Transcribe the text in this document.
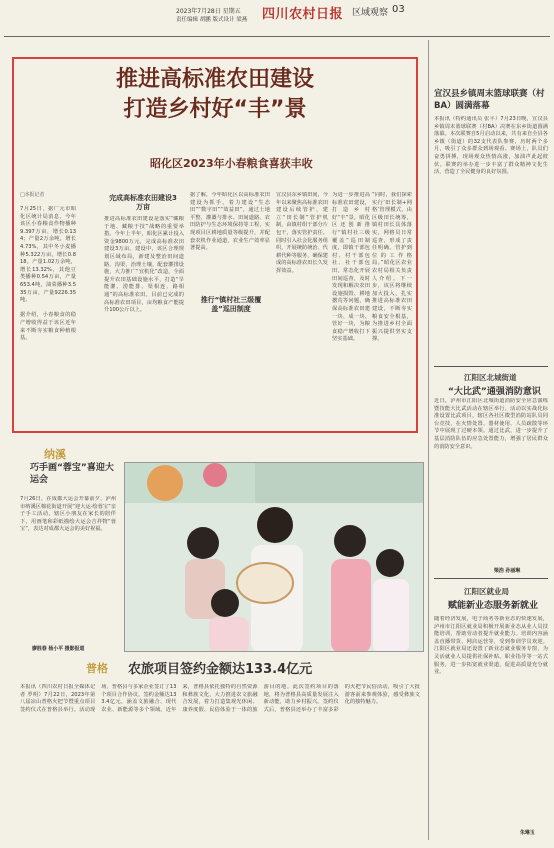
2023年7月28日 星期五
责任编辑 胡鹏 版式设计 梁燕 四川农村日报 区域观察 03
推进高标准农田建设
打造乡村好“丰”景
昭化区2023年小春粮食喜获丰收
□本报记者
7月25日，据广元市昭化区统计局消息，今年该区小春粮食作物播种9.397万亩，增长0.134；产量2万余吨，增长4.73%，其中冬小麦播种5.322万亩，增长0.818。产量1.02万余吨，增长13.32%，其他豆类播种0.54万亩，产量653.4吨，油菜播种3.535万亩，产量9226.35吨。

据介绍，小春粮食的稳产增收得益于该区近年来不断夯实粮食种植根基。
完成高标准农田建设3万亩
推进高标准农田建设是落实“藏粮于地、藏粮于技”战略的重要举措。今年上半年，昭化区累计投入资金9800万元，完成高标准农田建设3万亩。建设中，该区合理规划区域布局，新建及整治田间道路、沟渠，治理土壤，配套灌排设施，大力推广“宜机化”改造，全面提升农田基础设施水平，打造“旱能灌、涝能排、渠相连、路相通”的高标准农田。目前已完成的高标准农田项目，亩均粮食产能提升100公斤以上。
据了解，今年昭化区以高标准农田建设为抓手，着力建设“生态田”“数字田”“效益田”，通过土地平整、灌溉与排水、田间道路、农田防护与生态环境保持等工程，实现项目区耕地质量等级提升，并配套农机作业通道，农业生产效率显著提高。
推行“镇村社三级覆盖”巡田制度
宣汉县东乡镇田间，今年以来聚焦高标准农田建设后续管护，建立“田长制”管护机制，由镇村组干部分片包干，落实管护责任。同时引入社会化服务组织，开展统防统治、代耕代种等服务，确保建成的高标准农田长久发挥效益。
为进一步推进高标准农田建设，打造乡村好“丰”景，昭化区还创新推行“镇村社三级覆盖”巡田制度，即镇干部包村、村干部包社、社干部包田，常态化开展田间巡查，及时发现和解决农田设施损毁、耕地撂荒等问题，确保高标准农田建一块、成一块、管好一块，为粮食稳产增收打下坚实基础。
“同时，我们探索实行‘田长制+网格’管理模式，由区级田长统筹，镇村田长具体落实，网格员日常巡查，形成了责任明确、管护到位的工作格局。”昭化区农业农村局相关负责人介绍。下一步，该区将继续加大投入，扎实推进高标准农田建设，不断夯实粮食安全根基，为推进乡村全面振兴提供坚实支撑。
宣汉县乡镇周末篮球联赛（村BA）圆满落幕
本报讯（特约通讯员 张平）7月23日晚，宣汉县乡镇周末篮球联赛（村BA）决赛在东乡街道圆满落幕。本次联赛自5月启动以来，共有来自全县各乡镇（街道）的32支代表队参赛，历时两个多月，吸引了众多群众到场观看。赛场上，队员们奋勇拼搏，现场观众热情高涨，加油声此起彼伏。联赛的举办进一步丰富了群众精神文化生活，营造了全民健身的良好氛围。
江阳区北城街道
“大比武”通强消防意识
近日，泸州市江阳区北城街道消防安全应急演练暨技能大比武活动在辖区举行。活动以实战化标准设置比武项目，辖区各社区微型消防站队员同台竞技，在火情处置、器材使用、人员疏散等环节中展现了过硬本领。通过比武，进一步提升了基层消防队伍的应急处置能力，增强了居民群众的消防安全意识。
梁浩 孙丽琳
江阳区就业局
赋能新业态服务新就业
随着经济发展，电子商务等新业态的快速发展，泸州市江阳区就业局积极开展新业态从业人员技能培训，帮助劳动者提升就业能力。培训内容涵盖直播带货、网店运营等，受到参训学员欢迎。江阳区就业局还设置了新业态就业服务专窗，为灵活就业人员提供社保补贴、职业指导等一站式服务，进一步拓宽就业渠道，促进高质量充分就业。
朱琳玉
纳溪
巧手画“蓉宝”喜迎大运会
7月26日，在成都大运会开幕前夕，泸州市纳溪区棉花街道开展“迎大运·绘蓉宝”亲子手工活动，辖区小朋友在家长的陪伴下，用画笔和彩纸描绘大运会吉祥物“蓉宝”，表达对成都大运会的美好祝福。
廖胜春 杨小平 摄影报道
普格 农旅项目签约金额达133.4亿元
本报讯（四川农村日报全媒体记者 罗明）7月22日，2023年第八届凉山普格火把节暨重点项目签约仪式在普格县举行。活动现场，普格县与多家企业签订了13个项目合作协议，签约金额达133.4亿元，涵盖文旅融合、现代农业、新能源等多个领域。近年来，普格县依托独特的自然资源和彝族文化，大力推进农文旅融合发展，着力打造集观光休闲、康养度假、民俗体验于一体的旅游目的地。此次签约项目的落地，将为普格县高质量发展注入新动能，助力乡村振兴。签约仪式后，普格县还举办了丰富多彩的火把节民俗活动，吸引了大批游客前来参观体验，感受彝族文化的独特魅力。
